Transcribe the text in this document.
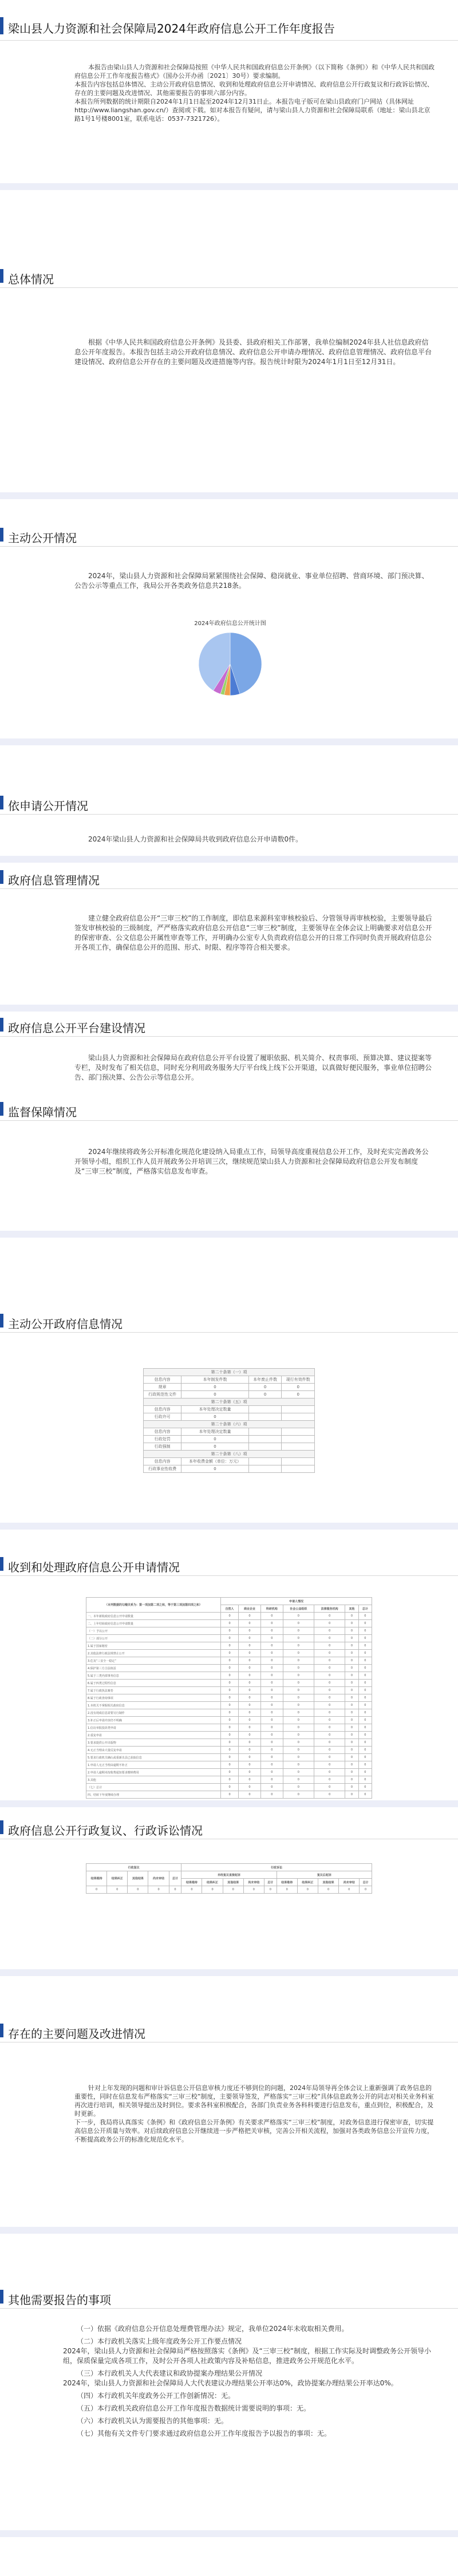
梁山县人力资源和社会保障局2024年政府信息公开工作年度报告

本报告由梁山县人力资源和社会保障局按照《中华人民共和国政府信息公开条例》（以下简称《条例》）和《中华人民共和国政府信息公开工作年度报告格式》（国办公开办函〔2021〕30号）要求编制。
本报告内容包括总体情况、主动公开政府信息情况、收到和处理政府信息公开申请情况、政府信息公开行政复议和行政诉讼情况、存在的主要问题及改进情况、其他需要报告的事项六部分内容。
本报告所列数据的统计期限自2024年1月1日起至2024年12月31日止。本报告电子版可在梁山县政府门户网站（具体网址http://www.liangshan.gov.cn/）查阅或下载。如对本报告有疑问，请与梁山县人力资源和社会保障局联系（地址：梁山县北京路1号1号楼8001室，联系电话：0537-7321726）。

总体情况

根据《中华人民共和国政府信息公开条例》及县委、县政府相关工作部署，我单位编制2024年县人社信息政府信息公开年度报告。本报告包括主动公开政府信息情况、政府信息公开申请办理情况、政府信息管理情况、政府信息平台建设情况、政府信息公开存在的主要问题及改进措施等内容。报告统计时限为2024年1月1日至12月31日。

主动公开情况

2024年，梁山县人力资源和社会保障局紧紧围绕社会保障、稳岗就业、事业单位招聘、营商环境、部门预决算、公告公示等重点工作，我局公开各类政务信息共218条。

2024年政府信息公开统计图
依申请公开情况

2024年梁山县人力资源和社会保障局共收到政府信息公开申请数0件。

政府信息管理情况

建立健全政府信息公开“三审三校”的工作制度，即信息来源科室审核校验后、分管领导再审核校验，主要领导最后签发审核校验的三级制度，严严格落实政府信息公开信息“三审三校”制度，主要领导在全体会议上明确要求对信息公开的保密审查、公文信息公开属性审查等工作，开明确办公室专人负责政府信息公开的日常工作同时负责开展政府信息公开各项工作，确保信息公开的范围、形式、时限、程序等符合相关要求。

政府信息公开平台建设情况

梁山县人力资源和社会保障局在政府信息公开平台设置了履职依据、机关简介、权责事项、预算决算、建议提案等专栏，及时发布了相关信息，同时充分利用政务服务大厅平台线上线下公开渠道，以真做好便民服务，事业单位招聘公告、部门预决算、公告公示等信息公开。

监督保障情况

2024年继续将政务公开标准化规范化建设纳入局重点工作，局领导高度重视信息公开工作，及时充实完善政务公开领导小组，组织工作人员开展政务公开培训三次，继续规范梁山县人力资源和社会保障局政府信息公开发布制度及“三审三校”制度，严格落实信息发布审查。

主动公开政府信息情况
第二十条第（一）项			
信息内容	本年制发件数	本年废止件数	现行有效件数
规章	0	0	0
行政规范性文件	0	0	0
第二十条第（五）项			
信息内容	本年处理决定数量		
行政许可	0		
第二十条第（六）项			
信息内容	本年处理决定数量		
行政处罚	0		
行政强制	0		
第二十条第（八）项			
信息内容	本年收费金额（单位：万元）		
行政事业性收费	0		
收到和处理政府信息公开申请情况
（本列数据的勾稽关系为：第一项加第二项之和，等于第三项加第四项之和）	申请人情况						
	自然人	商业企业	科研机构	社会公益组织	法律服务机构	其他	总计
一、本年新收政府信息公开申请数量	0	0	0	0	0	0	0
二、上年结转政府信息公开申请数量	0	0	0	0	0	0	0
（一）予以公开	0	0	0	0	0	0	0
（二）部分公开	0	0	0	0	0	0	0
1.属于国家秘密	0	0	0	0	0	0	0
2.其他法律行政法规禁止公开	0	0	0	0	0	0	0
3.危及“三安全一稳定”	0	0	0	0	0	0	0
4.保护第三方合法权益	0	0	0	0	0	0	0
5.属于三类内部事务信息	0	0	0	0	0	0	0
6.属于四类过程性信息	0	0	0	0	0	0	0
7.属于行政执法案卷	0	0	0	0	0	0	0
8.属于行政查询事项	0	0	0	0	0	0	0
1.本机关不掌握相关政府信息	0	0	0	0	0	0	0
2.没有现成信息需要另行制作	0	0	0	0	0	0	0
3.补正后申请内容仍不明确	0	0	0	0	0	0	0
1.信访举报投诉类申请	0	0	0	0	0	0	0
2.重复申请	0	0	0	0	0	0	0
3.要求提供公开出版物	0	0	0	0	0	0	0
4.无正当理由大量反复申请	0	0	0	0	0	0	0
5.要求行政机关确认或重新出具已获取信息	0	0	0	0	0	0	0
1.申请人无正当理由逾期不补正	0	0	0	0	0	0	0
2.申请人逾期未按收费通知要求缴纳费用	0	0	0	0	0	0	0
3.其他	0	0	0	0	0	0	0
（七）总计	0	0	0	0	0	0	0
四、结转下年度继续办理	0	0	0	0	0	0	0
政府信息公开行政复议、行政诉讼情况
行政复议					行政诉讼									
结果维持	结果纠正	其他结果	尚未审结	总计	未经复议直接起诉					复议后起诉				
					结果维持	结果纠正	其他结果	尚未审结	总计	结果维持	结果纠正	其他结果	尚未审结	总计
0	0	0	0	0	0	0	0	0	0	0	0	0	0	0
存在的主要问题及改进情况

针对上年发现的问题和审计诉信息公开信息审核力度还不够到位的问题，2024年局领导再全体会议上重新强调了政务信息的重要性，同时在信息发布严格落实“三审三校”制度，主要领导签发，严格落实“三审三校”具体信息政务公开的同志对相关业务科室再次进行培训，相关领导提出及时到位。要求各科室积极配合，各部门负责业务各科科要进行信息发布，重点到位，积极配合，及时更新。
下一步，我局将认真落实《条例》和《政府信息公开条例》有关要求严格落实“三审三校”制度，对政务信息进行保密审查，切实提高信息公开质量与效率。对后续政府信息公开继续进一步严格把关审核，完善公开相关流程，加强对各类政务信息公开宣传力度，不断提高政务公开的标准化规范化水平。

其他需要报告的事项

（一）依据《政府信息公开信息处理费管理办法》规定，我单位2024年未收取相关费用。

（二）本行政机关落实上级年度政务公开工作要点情况
2024年，梁山县人力资源和社会保障局严格按照落实《条例》及“三审三校”制度，根据工作实际及时调整政务公开领导小组，保质保量完成各项工作，及时公开各项人社政策内容及补贴信息，推进政务公开规范化水平。

（三）本行政机关人大代表建议和政协提案办理结果公开情况
2024年，梁山县人力资源和社会保障局人大代表建议办理结果公开率达0%，政协提案办理结果公开率达0%。

（四）本行政机关年度政务公开工作创新情况：无。

（五）本行政机关政府信息公开工作年度报告数据统计需要说明的事项：无。

（六）本行政机关认为需要报告的其他事项：无。

（七）其他有关文件专门要求通过政府信息公开工作年度报告予以报告的事项：无。
